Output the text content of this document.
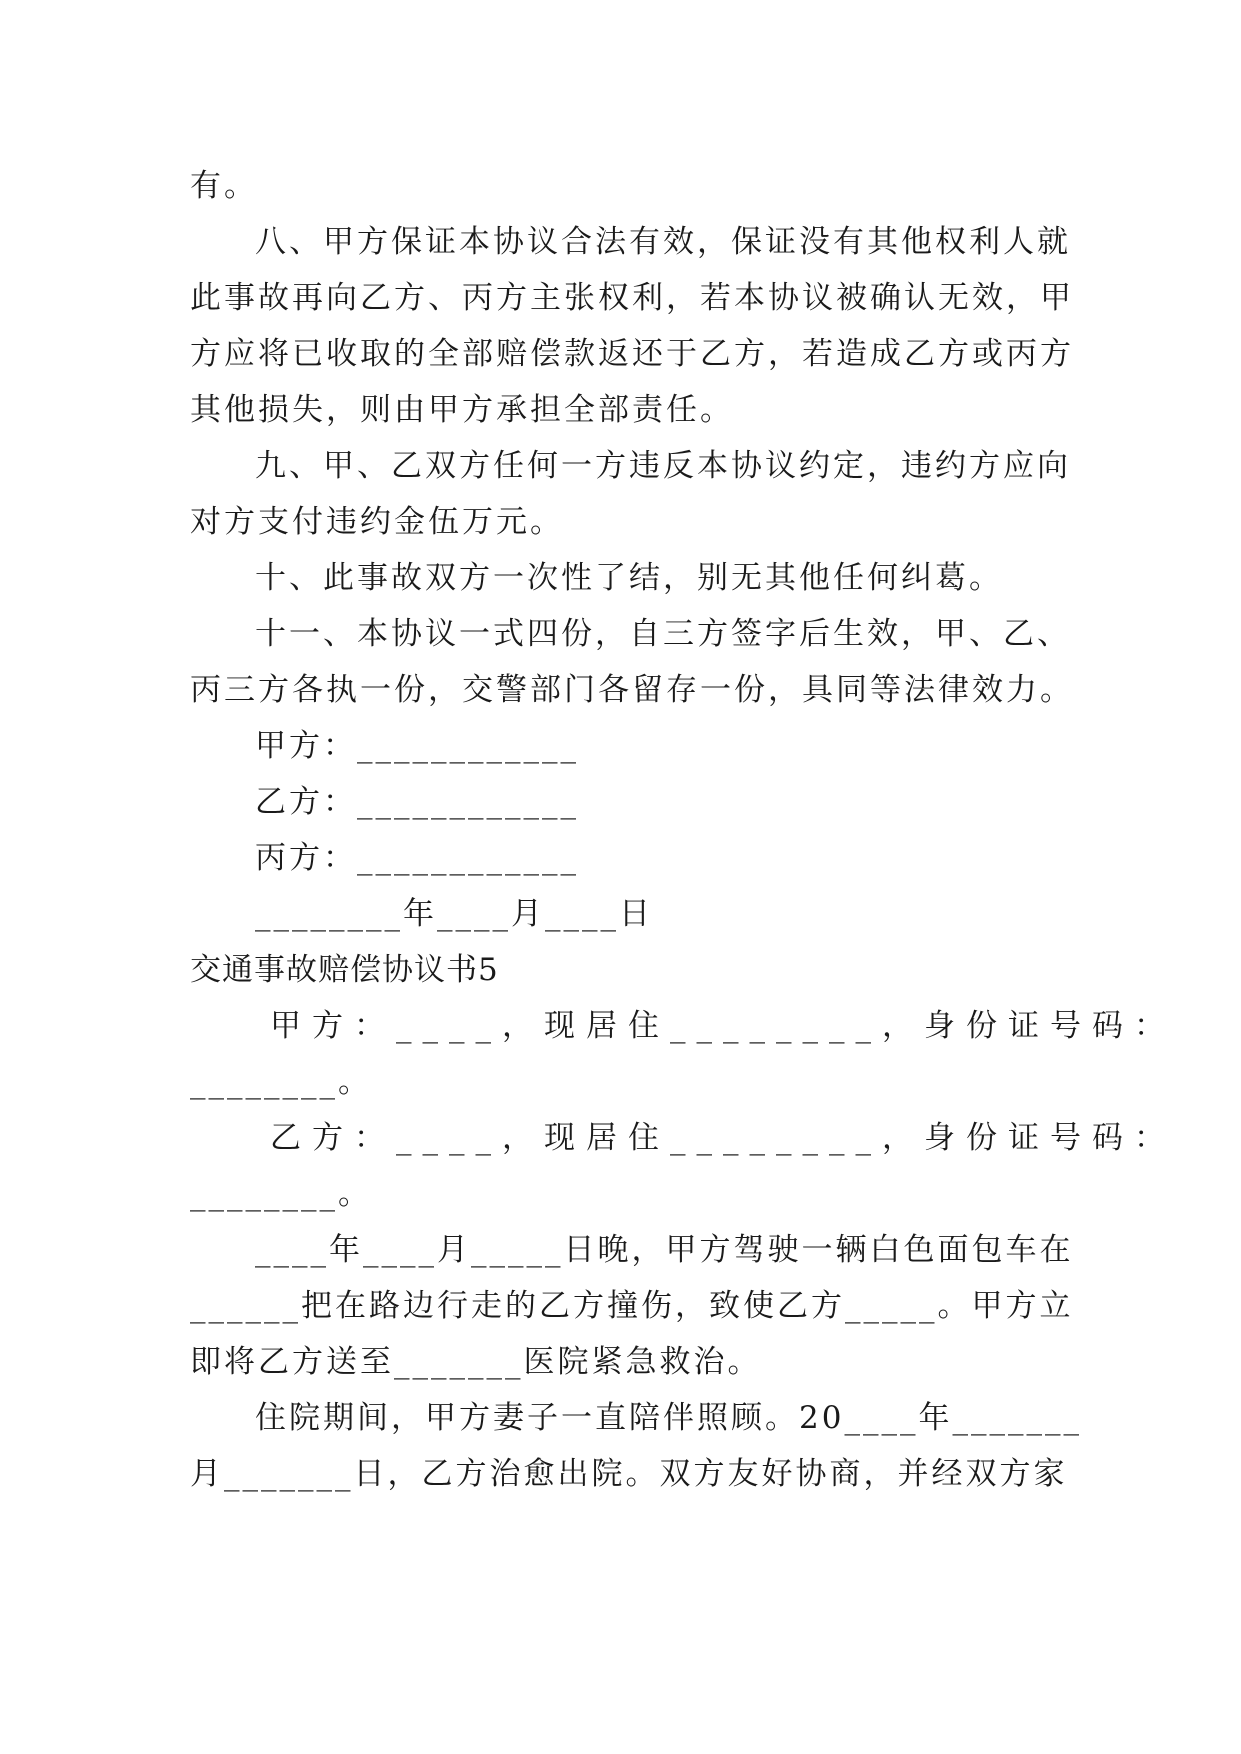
有。
八、甲方保证本协议合法有效，保证没有其他权利人就
此事故再向乙方、丙方主张权利，若本协议被确认无效，甲
方应将已收取的全部赔偿款返还于乙方，若造成乙方或丙方
其他损失，则由甲方承担全部责任。
九、甲、乙双方任何一方违反本协议约定，违约方应向
对方支付违约金伍万元。
十、此事故双方一次性了结，别无其他任何纠葛。
十一、本协议一式四份，自三方签字后生效，甲、乙、
丙三方各执一份，交警部门各留存一份，具同等法律效力。
甲方：____________
乙方：____________
丙方：____________
________年____月____日
交通事故赔偿协议书5
甲方：____，现居住________，身份证号码：
________。
乙方：____，现居住________，身份证号码：
________。
____年____月_____日晚，甲方驾驶一辆白色面包车在
______把在路边行走的乙方撞伤，致使乙方_____。甲方立
即将乙方送至_______医院紧急救治。
住院期间，甲方妻子一直陪伴照顾。20____年_______
月_______日，乙方治愈出院。双方友好协商，并经双方家
